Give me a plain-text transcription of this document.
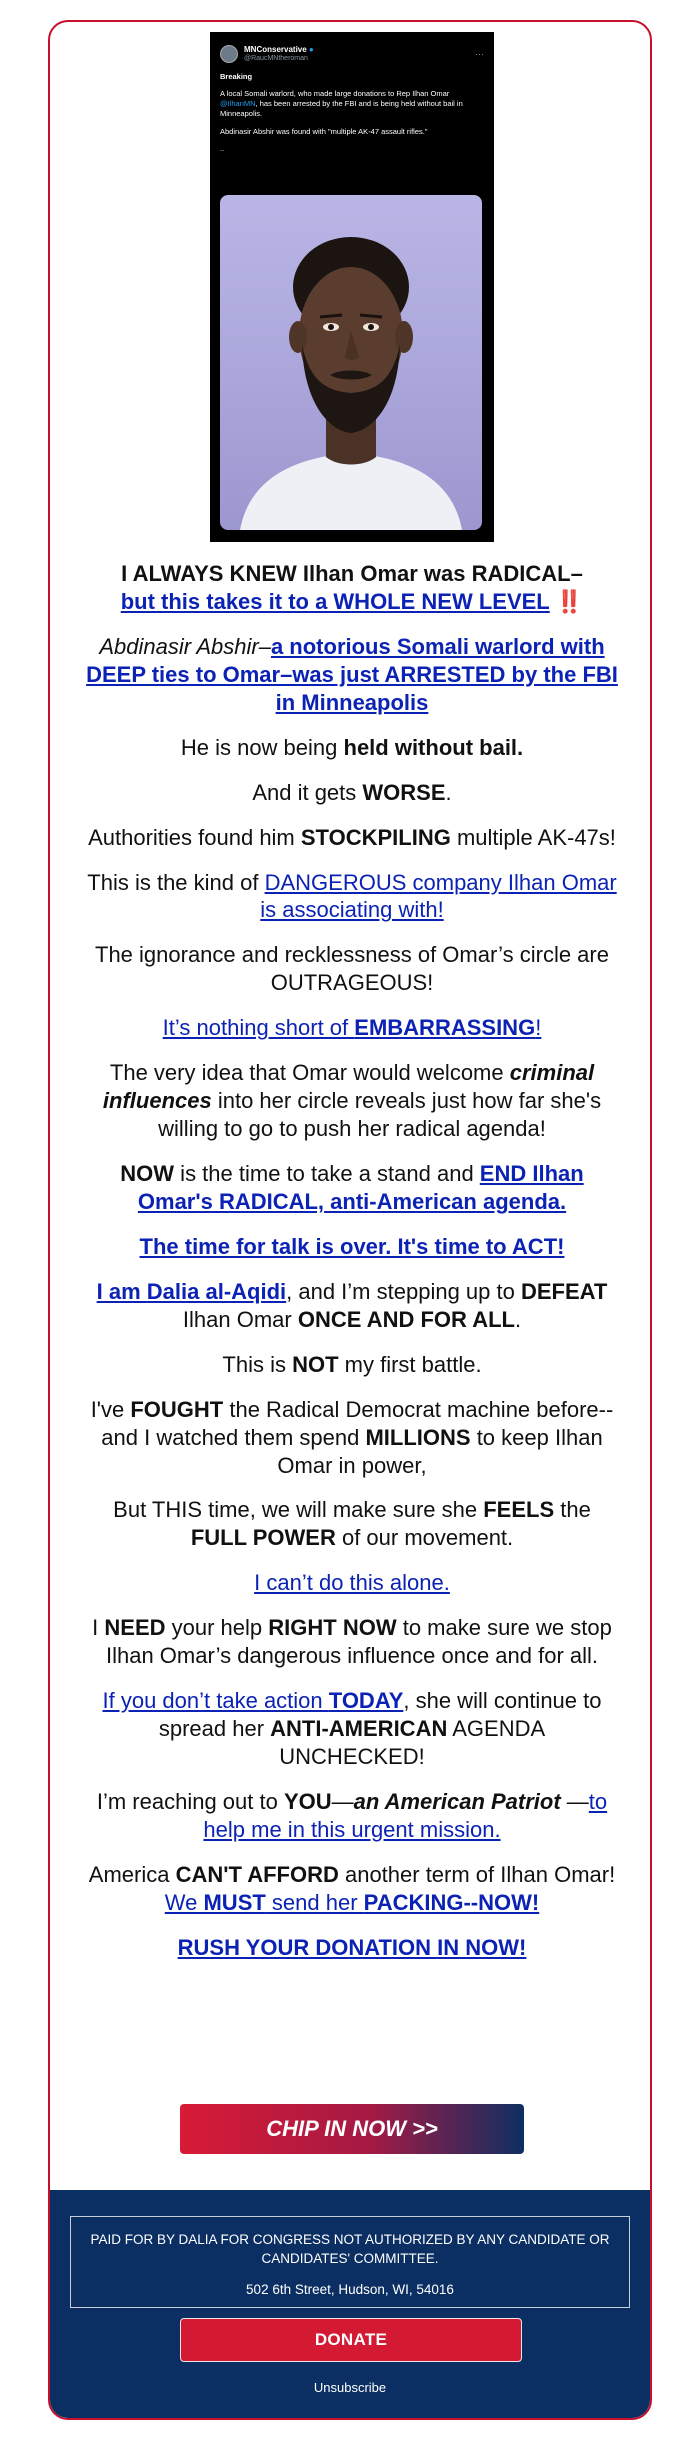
MNConservative ●
@RaucMNtheroman	···

Breaking

A local Somali warlord, who made large donations to Rep Ilhan Omar @IlhanMN, has been arrested by the FBI and is being held without bail in Minneapolis.

Abdinasir Abshir was found with "multiple AK-47 assault rifles."

..

I ALWAYS KNEW Ilhan Omar was RADICAL–
but this takes it to a WHOLE NEW LEVEL ‼️

Abdinasir Abshir–a notorious Somali warlord with DEEP ties to Omar–was just ARRESTED by the FBI in Minneapolis

He is now being held without bail.

And it gets WORSE.

Authorities found him STOCKPILING multiple AK-47s!

This is the kind of DANGEROUS company Ilhan Omar is associating with!

The ignorance and recklessness of Omar’s circle are OUTRAGEOUS!

It’s nothing short of EMBARRASSING!

The very idea that Omar would welcome criminal influences into her circle reveals just how far she's willing to go to push her radical agenda!

NOW is the time to take a stand and END Ilhan Omar's RADICAL, anti-American agenda.

The time for talk is over. It's time to ACT!

I am Dalia al-Aqidi, and I’m stepping up to DEFEAT Ilhan Omar ONCE AND FOR ALL.

This is NOT my first battle.

I've FOUGHT the Radical Democrat machine before--and I watched them spend MILLIONS to keep Ilhan Omar in power,

But THIS time, we will make sure she FEELS the FULL POWER of our movement.

I can’t do this alone.

I NEED your help RIGHT NOW to make sure we stop Ilhan Omar’s dangerous influence once and for all.

If you don’t take action TODAY, she will continue to spread her ANTI-AMERICAN AGENDA UNCHECKED!

I’m reaching out to YOU—an American Patriot —to help me in this urgent mission.

America CAN'T AFFORD another term of Ilhan Omar! We MUST send her PACKING--NOW!

RUSH YOUR DONATION IN NOW!

CHIP IN NOW >>
PAID FOR BY DALIA FOR CONGRESS NOT AUTHORIZED BY ANY CANDIDATE OR CANDIDATES' COMMITTEE.
502 6th Street, Hudson, WI, 54016
DONATE
Unsubscribe
